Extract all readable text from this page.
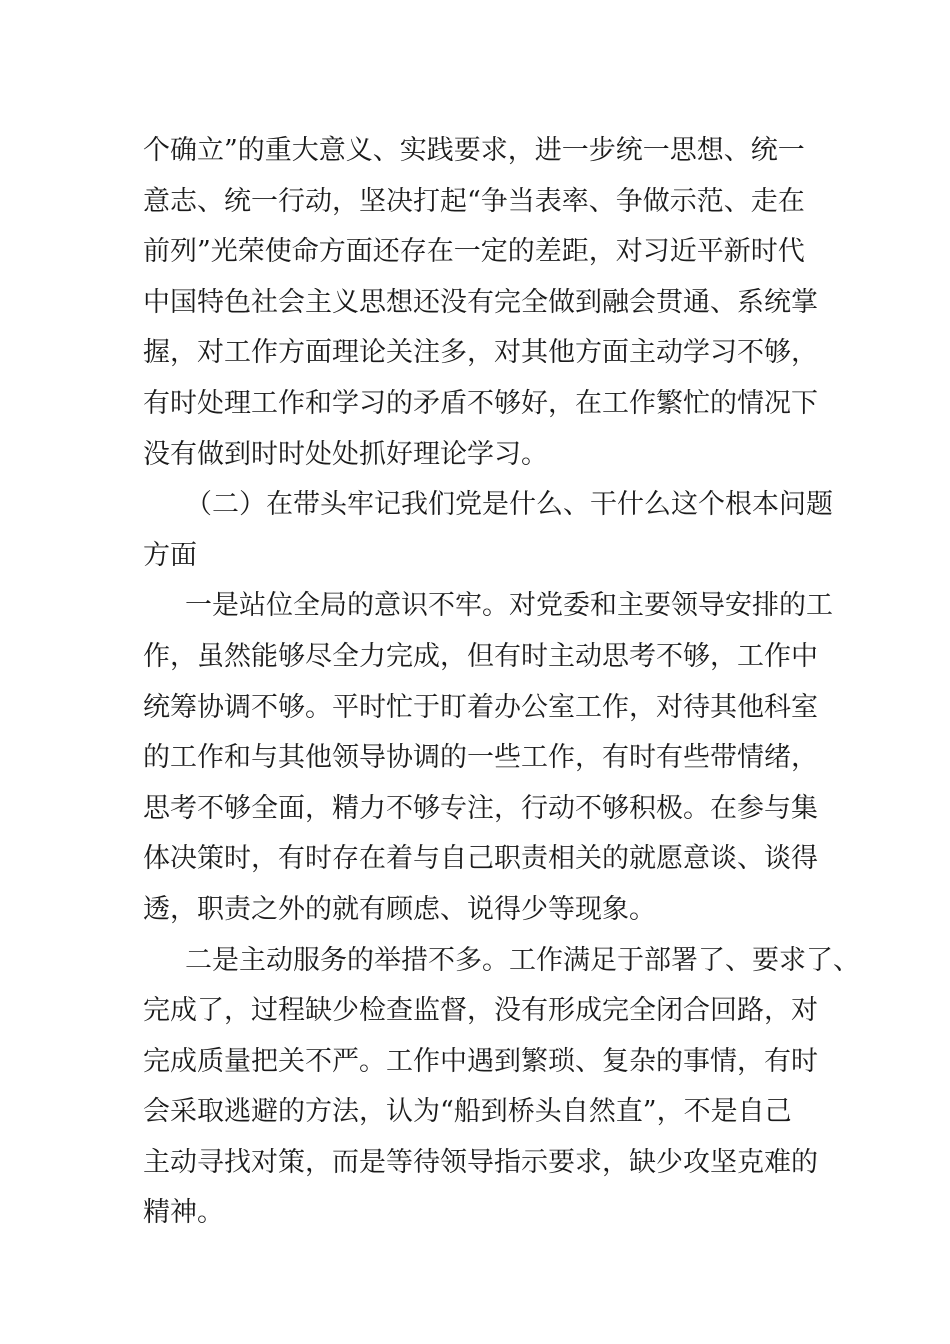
个确立”的重大意义、实践要求，进一步统一思想、统一
意志、统一行动，坚决打起“争当表率、争做示范、走在
前列”光荣使命方面还存在一定的差距，对习近平新时代
中国特色社会主义思想还没有完全做到融会贯通、系统掌
握，对工作方面理论关注多，对其他方面主动学习不够，
有时处理工作和学习的矛盾不够好，在工作繁忙的情况下
没有做到时时处处抓好理论学习。
（二）在带头牢记我们党是什么、干什么这个根本问题
方面
一是站位全局的意识不牢。对党委和主要领导安排的工
作，虽然能够尽全力完成，但有时主动思考不够，工作中
统筹协调不够。平时忙于盯着办公室工作，对待其他科室
的工作和与其他领导协调的一些工作，有时有些带情绪，
思考不够全面，精力不够专注，行动不够积极。在参与集
体决策时，有时存在着与自己职责相关的就愿意谈、谈得
透，职责之外的就有顾虑、说得少等现象。
二是主动服务的举措不多。工作满足于部署了、要求了、
完成了，过程缺少检查监督，没有形成完全闭合回路，对
完成质量把关不严。工作中遇到繁琐、复杂的事情，有时
会采取逃避的方法，认为“船到桥头自然直”，不是自己
主动寻找对策，而是等待领导指示要求，缺少攻坚克难的
精神。
